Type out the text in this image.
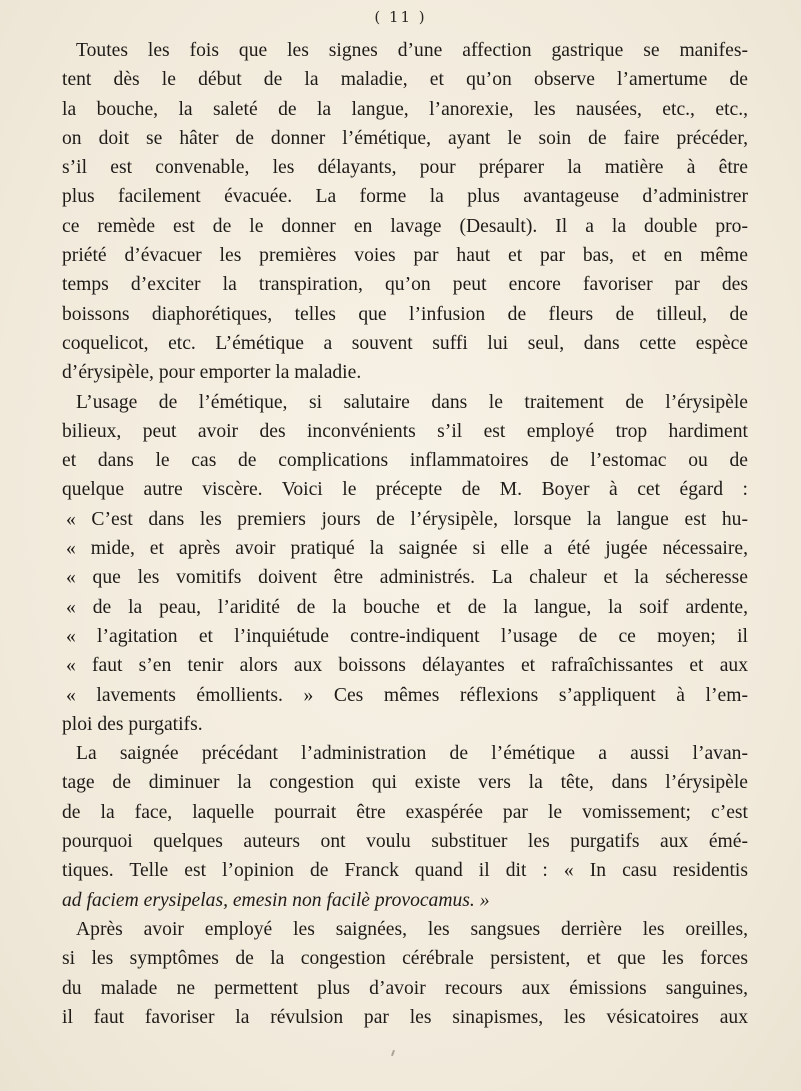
( 11 )
Toutes les fois que les signes d’une affection gastrique se manifes-
tent dès le début de la maladie, et qu’on observe l’amertume de
la bouche, la saleté de la langue, l’anorexie, les nausées, etc., etc.,
on doit se hâter de donner l’émétique, ayant le soin de faire précéder,
s’il est convenable, les délayants, pour préparer la matière à être
plus facilement évacuée. La forme la plus avantageuse d’administrer
ce remède est de le donner en lavage (Desault). Il a la double pro-
priété d’évacuer les premières voies par haut et par bas, et en même
temps d’exciter la transpiration, qu’on peut encore favoriser par des
boissons diaphorétiques, telles que l’infusion de fleurs de tilleul, de
coquelicot, etc. L’émétique a souvent suffi lui seul, dans cette espèce
d’érysipèle, pour emporter la maladie.
L’usage de l’émétique, si salutaire dans le traitement de l’érysipèle
bilieux, peut avoir des inconvénients s’il est employé trop hardiment
et dans le cas de complications inflammatoires de l’estomac ou de
quelque autre viscère. Voici le précepte de M. Boyer à cet égard :
« C’est dans les premiers jours de l’érysipèle, lorsque la langue est hu-
« mide, et après avoir pratiqué la saignée si elle a été jugée nécessaire,
« que les vomitifs doivent être administrés. La chaleur et la sécheresse
« de la peau, l’aridité de la bouche et de la langue, la soif ardente,
« l’agitation et l’inquiétude contre-indiquent l’usage de ce moyen; il
« faut s’en tenir alors aux boissons délayantes et rafraîchissantes et aux
« lavements émollients. » Ces mêmes réflexions s’appliquent à l’em-
ploi des purgatifs.
La saignée précédant l’administration de l’émétique a aussi l’avan-
tage de diminuer la congestion qui existe vers la tête, dans l’érysipèle
de la face, laquelle pourrait être exaspérée par le vomissement; c’est
pourquoi quelques auteurs ont voulu substituer les purgatifs aux émé-
tiques. Telle est l’opinion de Franck quand il dit : « In casu residentis
ad faciem erysipelas, emesin non facilè provocamus. »
Après avoir employé les saignées, les sangsues derrière les oreilles,
si les symptômes de la congestion cérébrale persistent, et que les forces
du malade ne permettent plus d’avoir recours aux émissions sanguines,
il faut favoriser la révulsion par les sinapismes, les vésicatoires aux
